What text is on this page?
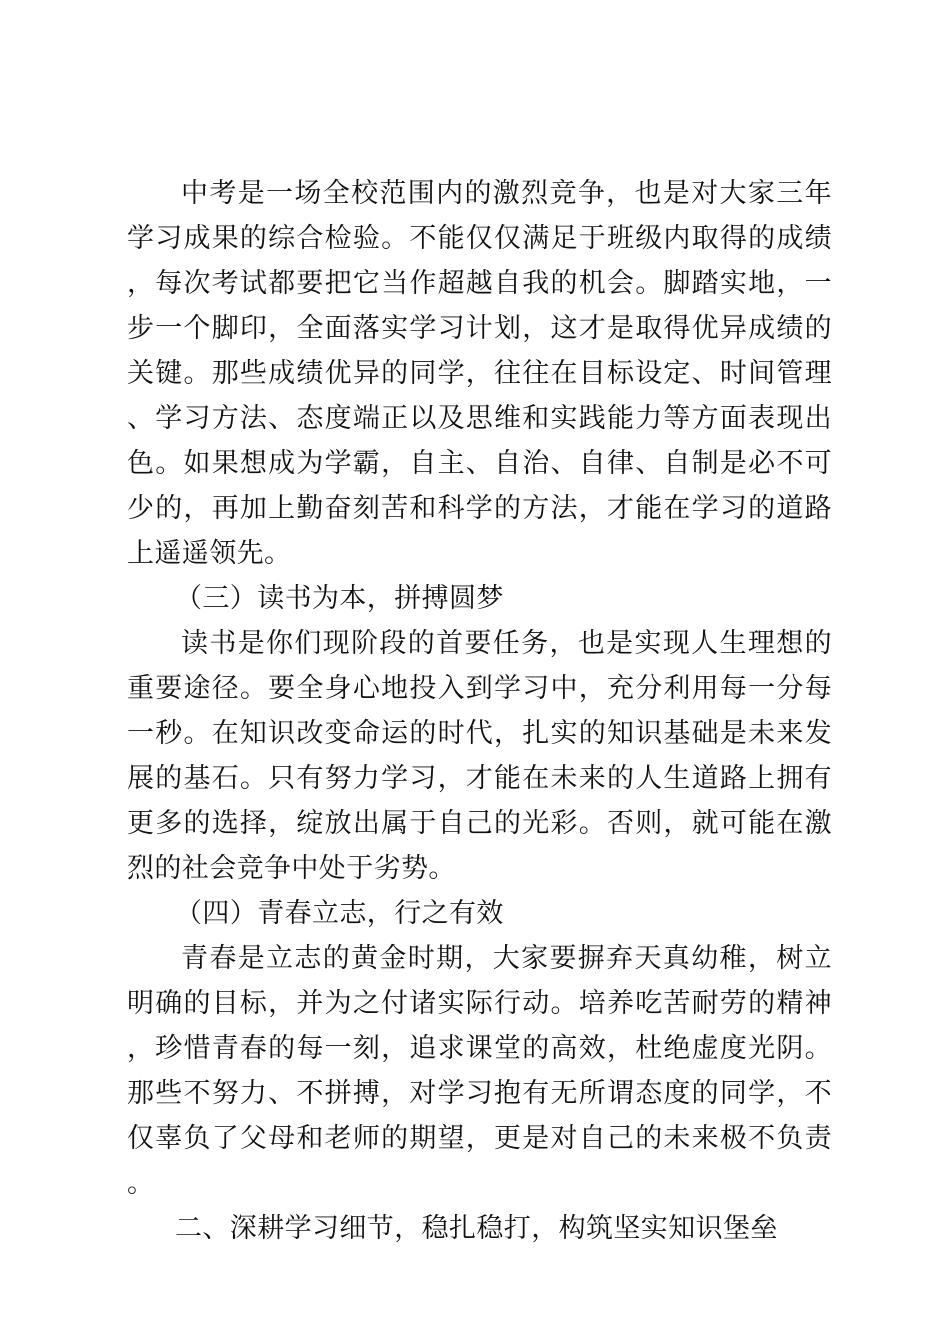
中考是一场全校范围内的激烈竞争，也是对大家三年学习成果的综合检验。不能仅仅满足于班级内取得的成绩，每次考试都要把它当作超越自我的机会。脚踏实地，一步一个脚印，全面落实学习计划，这才是取得优异成绩的关键。那些成绩优异的同学，往往在目标设定、时间管理、学习方法、态度端正以及思维和实践能力等方面表现出色。如果想成为学霸，自主、自治、自律、自制是必不可少的，再加上勤奋刻苦和科学的方法，才能在学习的道路上遥遥领先。

（三）读书为本，拼搏圆梦

读书是你们现阶段的首要任务，也是实现人生理想的重要途径。要全身心地投入到学习中，充分利用每一分每一秒。在知识改变命运的时代，扎实的知识基础是未来发展的基石。只有努力学习，才能在未来的人生道路上拥有更多的选择，绽放出属于自己的光彩。否则，就可能在激烈的社会竞争中处于劣势。

（四）青春立志，行之有效

青春是立志的黄金时期，大家要摒弃天真幼稚，树立明确的目标，并为之付诸实际行动。培养吃苦耐劳的精神，珍惜青春的每一刻，追求课堂的高效，杜绝虚度光阴。那些不努力、不拼搏，对学习抱有无所谓态度的同学，不仅辜负了父母和老师的期望，更是对自己的未来极不负责。

二、深耕学习细节，稳扎稳打，构筑坚实知识堡垒
